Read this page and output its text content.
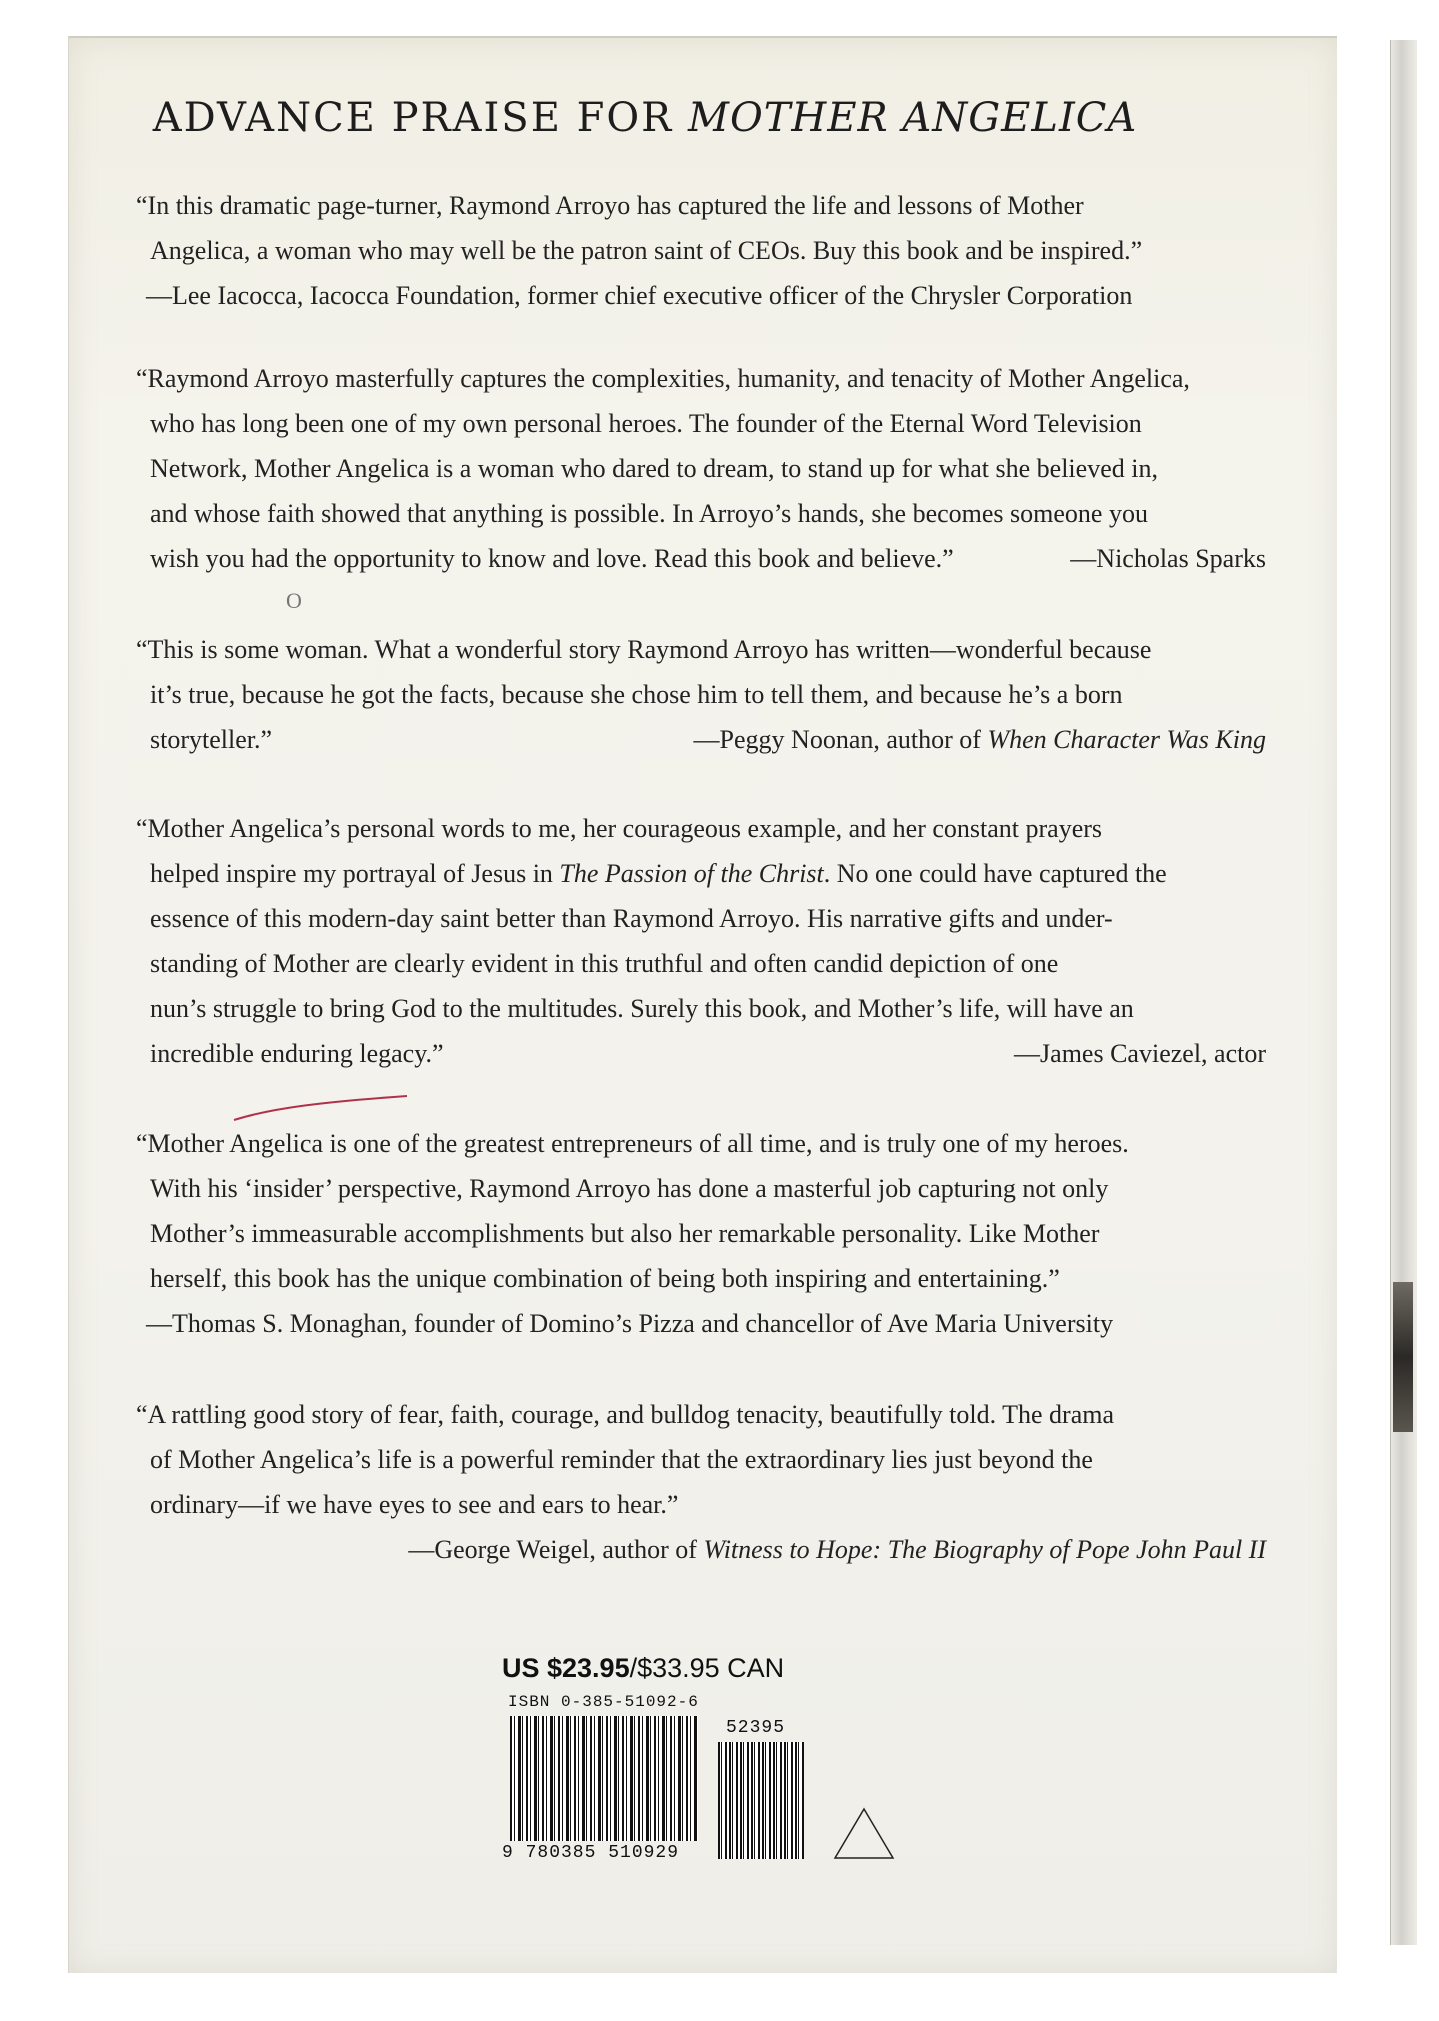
ADVANCE PRAISE FOR MOTHER ANGELICA
“In this dramatic page-turner, Raymond Arroyo has captured the life and lessons of Mother
Angelica, a woman who may well be the patron saint of CEOs. Buy this book and be inspired.”
—Lee Iacocca, Iacocca Foundation, former chief executive officer of the Chrysler Corporation
“Raymond Arroyo masterfully captures the complexities, humanity, and tenacity of Mother Angelica,
who has long been one of my own personal heroes. The founder of the Eternal Word Television
Network, Mother Angelica is a woman who dared to dream, to stand up for what she believed in,
and whose faith showed that anything is possible. In Arroyo’s hands, she becomes someone you
wish you had the opportunity to know and love. Read this book and believe.”	—Nicholas Sparks
O
“This is some woman. What a wonderful story Raymond Arroyo has written—wonderful because
it’s true, because he got the facts, because she chose him to tell them, and because he’s a born
storyteller.”	—Peggy Noonan, author of When Character Was King
“Mother Angelica’s personal words to me, her courageous example, and her constant prayers
helped inspire my portrayal of Jesus in The Passion of the Christ. No one could have captured the
essence of this modern-day saint better than Raymond Arroyo. His narrative gifts and under-
standing of Mother are clearly evident in this truthful and often candid depiction of one
nun’s struggle to bring God to the multitudes. Surely this book, and Mother’s life, will have an
incredible enduring legacy.”	—James Caviezel, actor
“Mother Angelica is one of the greatest entrepreneurs of all time, and is truly one of my heroes.
With his ‘insider’ perspective, Raymond Arroyo has done a masterful job capturing not only
Mother’s immeasurable accomplishments but also her remarkable personality. Like Mother
herself, this book has the unique combination of being both inspiring and entertaining.”
—Thomas S. Monaghan, founder of Domino’s Pizza and chancellor of Ave Maria University
“A rattling good story of fear, faith, courage, and bulldog tenacity, beautifully told. The drama
of Mother Angelica’s life is a powerful reminder that the extraordinary lies just beyond the
ordinary—if we have eyes to see and ears to hear.”
—George Weigel, author of Witness to Hope: The Biography of Pope John Paul II
US $23.95/$33.95 CAN
ISBN 0-385-51092-6
9 780385 510929
52395
